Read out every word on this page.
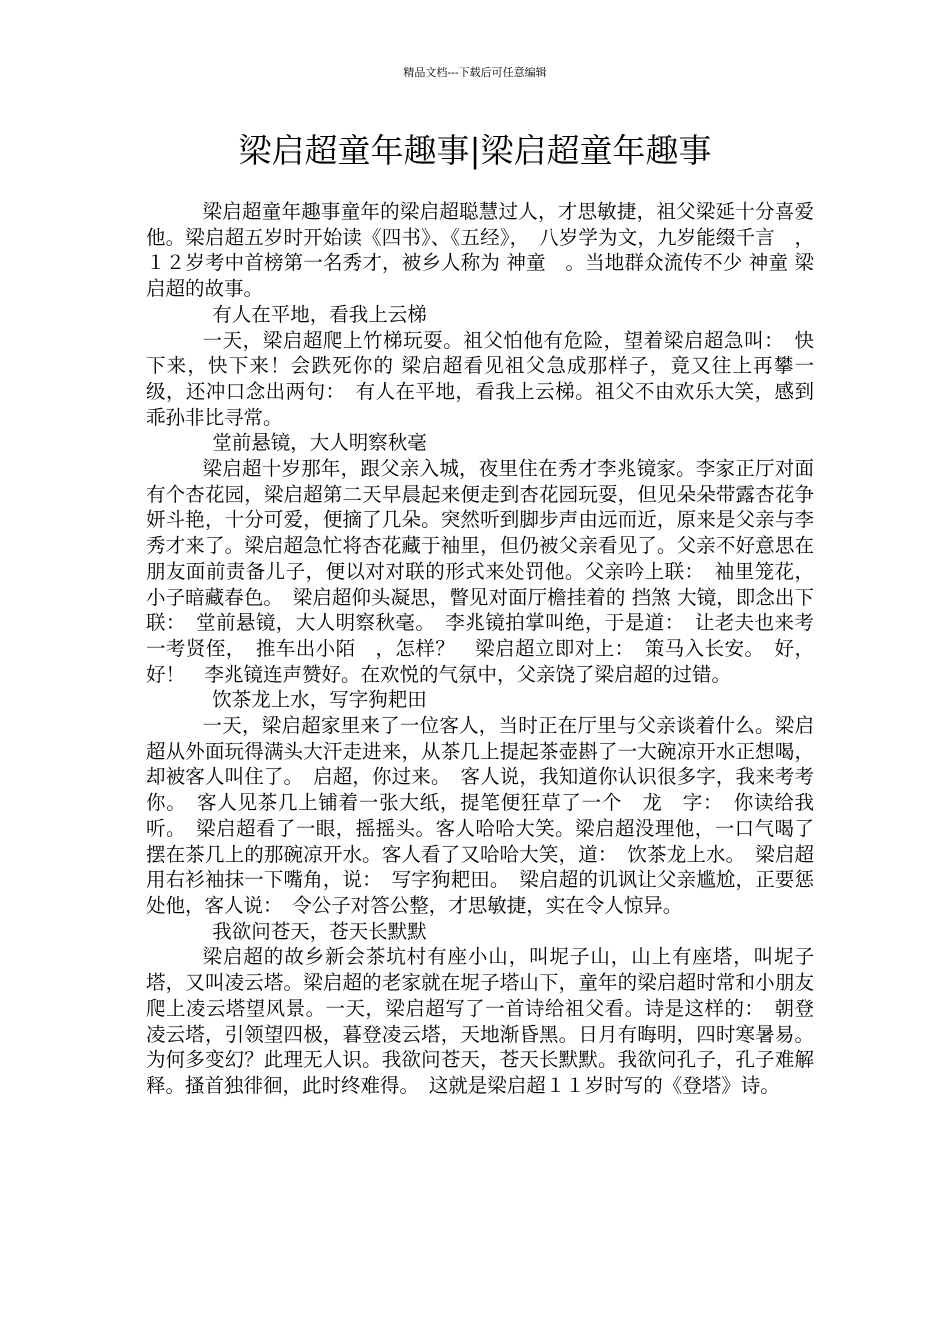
精品文档---下载后可任意编辑
梁启超童年趣事|梁启超童年趣事

梁启超童年趣事童年的梁启超聪慧过人，才思敏捷，祖父梁延十分喜爱他。梁启超五岁时开始读《四书》、《五经》，　八岁学为文，九岁能缀千言　，１２岁考中首榜第一名秀才，被乡人称为 神童　。当地群众流传不少 神童 梁启超的故事。

有人在平地，看我上云梯

一天，梁启超爬上竹梯玩耍。祖父怕他有危险，望着梁启超急叫：　快下来，快下来！会跌死你的 梁启超看见祖父急成那样子，竟又往上再攀一级，还冲口念出两句：　有人在平地，看我上云梯。祖父不由欢乐大笑，感到乖孙非比寻常。

堂前悬镜，大人明察秋毫

梁启超十岁那年，跟父亲入城，夜里住在秀才李兆镜家。李家正厅对面有个杏花园，梁启超第二天早晨起来便走到杏花园玩耍，但见朵朵带露杏花争妍斗艳，十分可爱，便摘了几朵。突然听到脚步声由远而近，原来是父亲与李秀才来了。梁启超急忙将杏花藏于袖里，但仍被父亲看见了。父亲不好意思在朋友面前责备儿子，便以对对联的形式来处罚他。父亲吟上联：　袖里笼花，小子暗藏春色。　梁启超仰头凝思，瞥见对面厅檐挂着的 挡煞 大镜，即念出下联：　堂前悬镜，大人明察秋毫。　李兆镜拍掌叫绝，于是道：　让老夫也来考一考贤侄，　推车出小陌　，怎样？　梁启超立即对上：　策马入长安。　好，好！　李兆镜连声赞好。在欢悦的气氛中，父亲饶了梁启超的过错。

饮茶龙上水，写字狗耙田

一天，梁启超家里来了一位客人，当时正在厅里与父亲谈着什么。梁启超从外面玩得满头大汗走进来，从茶几上提起茶壶斟了一大碗凉开水正想喝，却被客人叫住了。　启超，你过来。　客人说，我知道你认识很多字，我来考考你。　客人见茶几上铺着一张大纸，提笔便狂草了一个　龙　字：　你读给我听。　梁启超看了一眼，摇摇头。客人哈哈大笑。梁启超没理他，一口气喝了摆在茶几上的那碗凉开水。客人看了又哈哈大笑，道：　饮茶龙上水。　梁启超用右衫袖抹一下嘴角，说：　写字狗耙田。　梁启超的讥讽让父亲尴尬，正要惩处他，客人说：　令公子对答公整，才思敏捷，实在令人惊异。

我欲问苍天，苍天长默默

梁启超的故乡新会茶坑村有座小山，叫坭子山，山上有座塔，叫坭子塔，又叫凌云塔。梁启超的老家就在坭子塔山下，童年的梁启超时常和小朋友爬上凌云塔望风景。一天，梁启超写了一首诗给祖父看。诗是这样的：　朝登凌云塔，引领望四极，暮登凌云塔，天地渐昏黑。日月有晦明，四时寒暑易。为何多变幻？此理无人识。我欲问苍天，苍天长默默。我欲问孔子，孔子难解释。搔首独徘徊，此时终难得。　这就是梁启超１１岁时写的《登塔》诗。
